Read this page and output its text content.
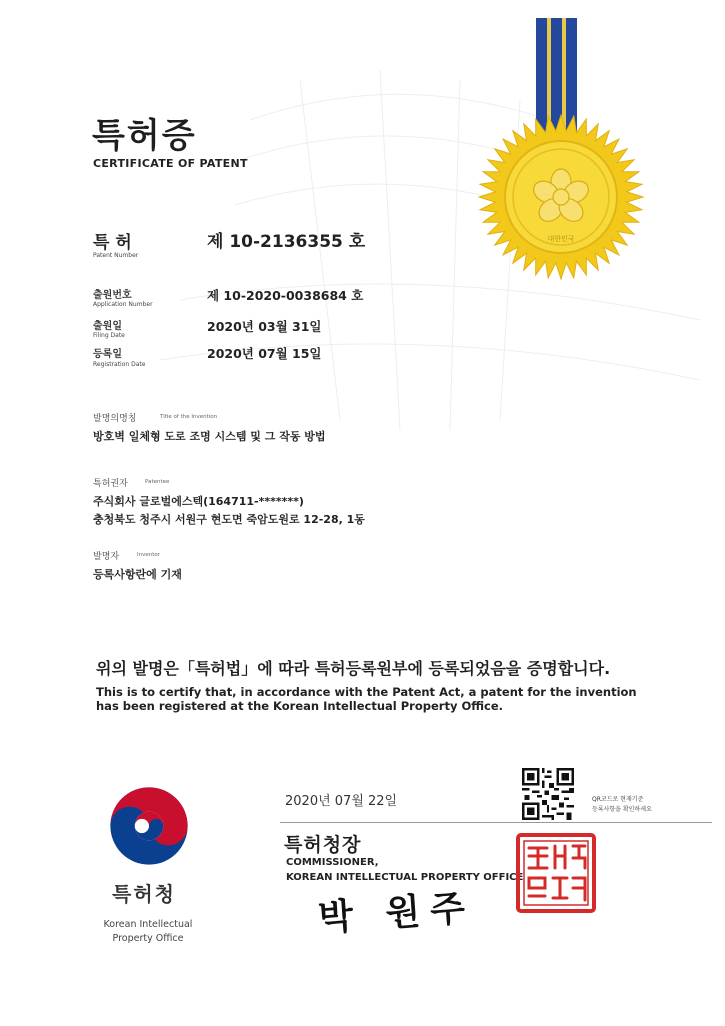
특허증
CERTIFICATE OF PATENT
대한민국
특 허
Patent Number
제 10-2136355 호
출원번호
Application Number
제 10-2020-0038684 호
출원일
Filing Date
2020년 03월 31일
등록일
Registration Date
2020년 07월 15일
발명의명칭	Title of the Invention
방호벽 일체형 도로 조명 시스템 및 그 작동 방법
특허권자	Patentee
주식회사 글로벌에스텍(164711-*******)
충청북도 청주시 서원구 현도면 죽암도원로 12-28, 1동
발명자	Inventor
등록사항란에 기재
위의 발명은「특허법」에 따라 특허등록원부에 등록되었음을 증명합니다.
This is to certify that, in accordance with the Patent Act, a patent for the invention
has been registered at the Korean Intellectual Property Office.
특허청
Korean Intellectual Property Office
2020년 07월 22일	QR코드로 현재기준
등록사항을 확인하세요
특허청장
COMMISSIONER,
KOREAN INTELLECTUAL PROPERTY OFFICE
박 원주	특허청장인
